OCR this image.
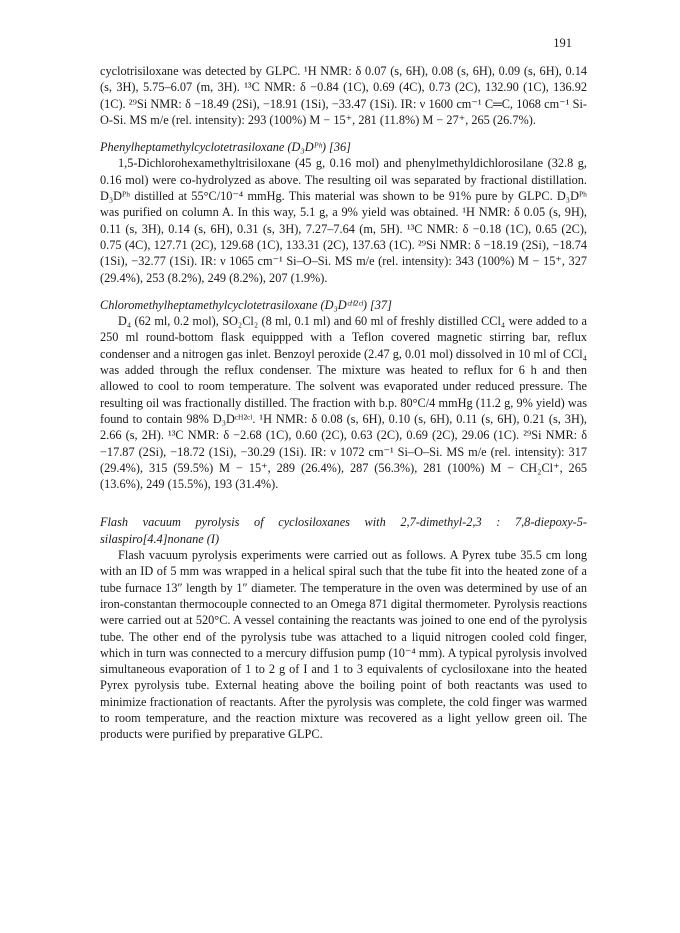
191

cyclotrisiloxane was detected by GLPC. ¹H NMR: δ 0.07 (s, 6H), 0.08 (s, 6H), 0.09 (s, 6H), 0.14 (s, 3H), 5.75–6.07 (m, 3H). ¹³C NMR: δ −0.84 (1C), 0.69 (4C), 0.73 (2C), 132.90 (1C), 136.92 (1C). ²⁹Si NMR: δ −18.49 (2Si), −18.91 (1Si), −33.47 (1Si). IR: ν 1600 cm⁻¹ C═C, 1068 cm⁻¹ Si-O-Si. MS m/e (rel. intensity): 293 (100%) M − 15⁺, 281 (11.8%) M − 27⁺, 265 (26.7%).

Phenylheptamethylcyclotetrasiloxane (D₃Dᴾʰ) [36]

1,5-Dichlorohexamethyltrisiloxane (45 g, 0.16 mol) and phenylmethyldichlorosilane (32.8 g, 0.16 mol) were co-hydrolyzed as above. The resulting oil was separated by fractional distillation. D₃Dᴾʰ distilled at 55°C/10⁻⁴ mmHg. This material was shown to be 91% pure by GLPC. D₃Dᴾʰ was purified on column A. In this way, 5.1 g, a 9% yield was obtained. ¹H NMR: δ 0.05 (s, 9H), 0.11 (s, 3H), 0.14 (s, 6H), 0.31 (s, 3H), 7.27–7.64 (m, 5H). ¹³C NMR: δ −0.18 (1C), 0.65 (2C), 0.75 (4C), 127.71 (2C), 129.68 (1C), 133.31 (2C), 137.63 (1C). ²⁹Si NMR: δ −18.19 (2Si), −18.74 (1Si), −32.77 (1Si). IR: ν 1065 cm⁻¹ Si–O–Si. MS m/e (rel. intensity): 343 (100%) M − 15⁺, 327 (29.4%), 253 (8.2%), 249 (8.2%), 207 (1.9%).

Chloromethylheptamethylcyclotetrasiloxane (D₃Dᶜᴴ²ᶜˡ) [37]

D₄ (62 ml, 0.2 mol), SO₂Cl₂ (8 ml, 0.1 ml) and 60 ml of freshly distilled CCl₄ were added to a 250 ml round-bottom flask equippped with a Teflon covered magnetic stirring bar, reflux condenser and a nitrogen gas inlet. Benzoyl peroxide (2.47 g, 0.01 mol) dissolved in 10 ml of CCl₄ was added through the reflux condenser. The mixture was heated to reflux for 6 h and then allowed to cool to room temperature. The solvent was evaporated under reduced pressure. The resulting oil was fractionally distilled. The fraction with b.p. 80°C/4 mmHg (11.2 g, 9% yield) was found to contain 98% D₃Dᶜᴴ²ᶜˡ. ¹H NMR: δ 0.08 (s, 6H), 0.10 (s, 6H), 0.11 (s, 6H), 0.21 (s, 3H), 2.66 (s, 2H). ¹³C NMR: δ −2.68 (1C), 0.60 (2C), 0.63 (2C), 0.69 (2C), 29.06 (1C). ²⁹Si NMR: δ −17.87 (2Si), −18.72 (1Si), −30.29 (1Si). IR: ν 1072 cm⁻¹ Si–O–Si. MS m/e (rel. intensity): 317 (29.4%), 315 (59.5%) M − 15⁺, 289 (26.4%), 287 (56.3%), 281 (100%) M − CH₂Cl⁺, 265 (13.6%), 249 (15.5%), 193 (31.4%).

Flash vacuum pyrolysis of cyclosiloxanes with 2,7-dimethyl-2,3 : 7,8-diepoxy-5-silaspiro[4.4]nonane (I)

Flash vacuum pyrolysis experiments were carried out as follows. A Pyrex tube 35.5 cm long with an ID of 5 mm was wrapped in a helical spiral such that the tube fit into the heated zone of a tube furnace 13″ length by 1″ diameter. The temperature in the oven was determined by use of an iron-constantan thermocouple connected to an Omega 871 digital thermometer. Pyrolysis reactions were carried out at 520°C. A vessel containing the reactants was joined to one end of the pyrolysis tube. The other end of the pyrolysis tube was attached to a liquid nitrogen cooled cold finger, which in turn was connected to a mercury diffusion pump (10⁻⁴ mm). A typical pyrolysis involved simultaneous evaporation of 1 to 2 g of I and 1 to 3 equivalents of cyclosiloxane into the heated Pyrex pyrolysis tube. External heating above the boiling point of both reactants was used to minimize fractionation of reactants. After the pyrolysis was complete, the cold finger was warmed to room temperature, and the reaction mixture was recovered as a light yellow green oil. The products were purified by preparative GLPC.
